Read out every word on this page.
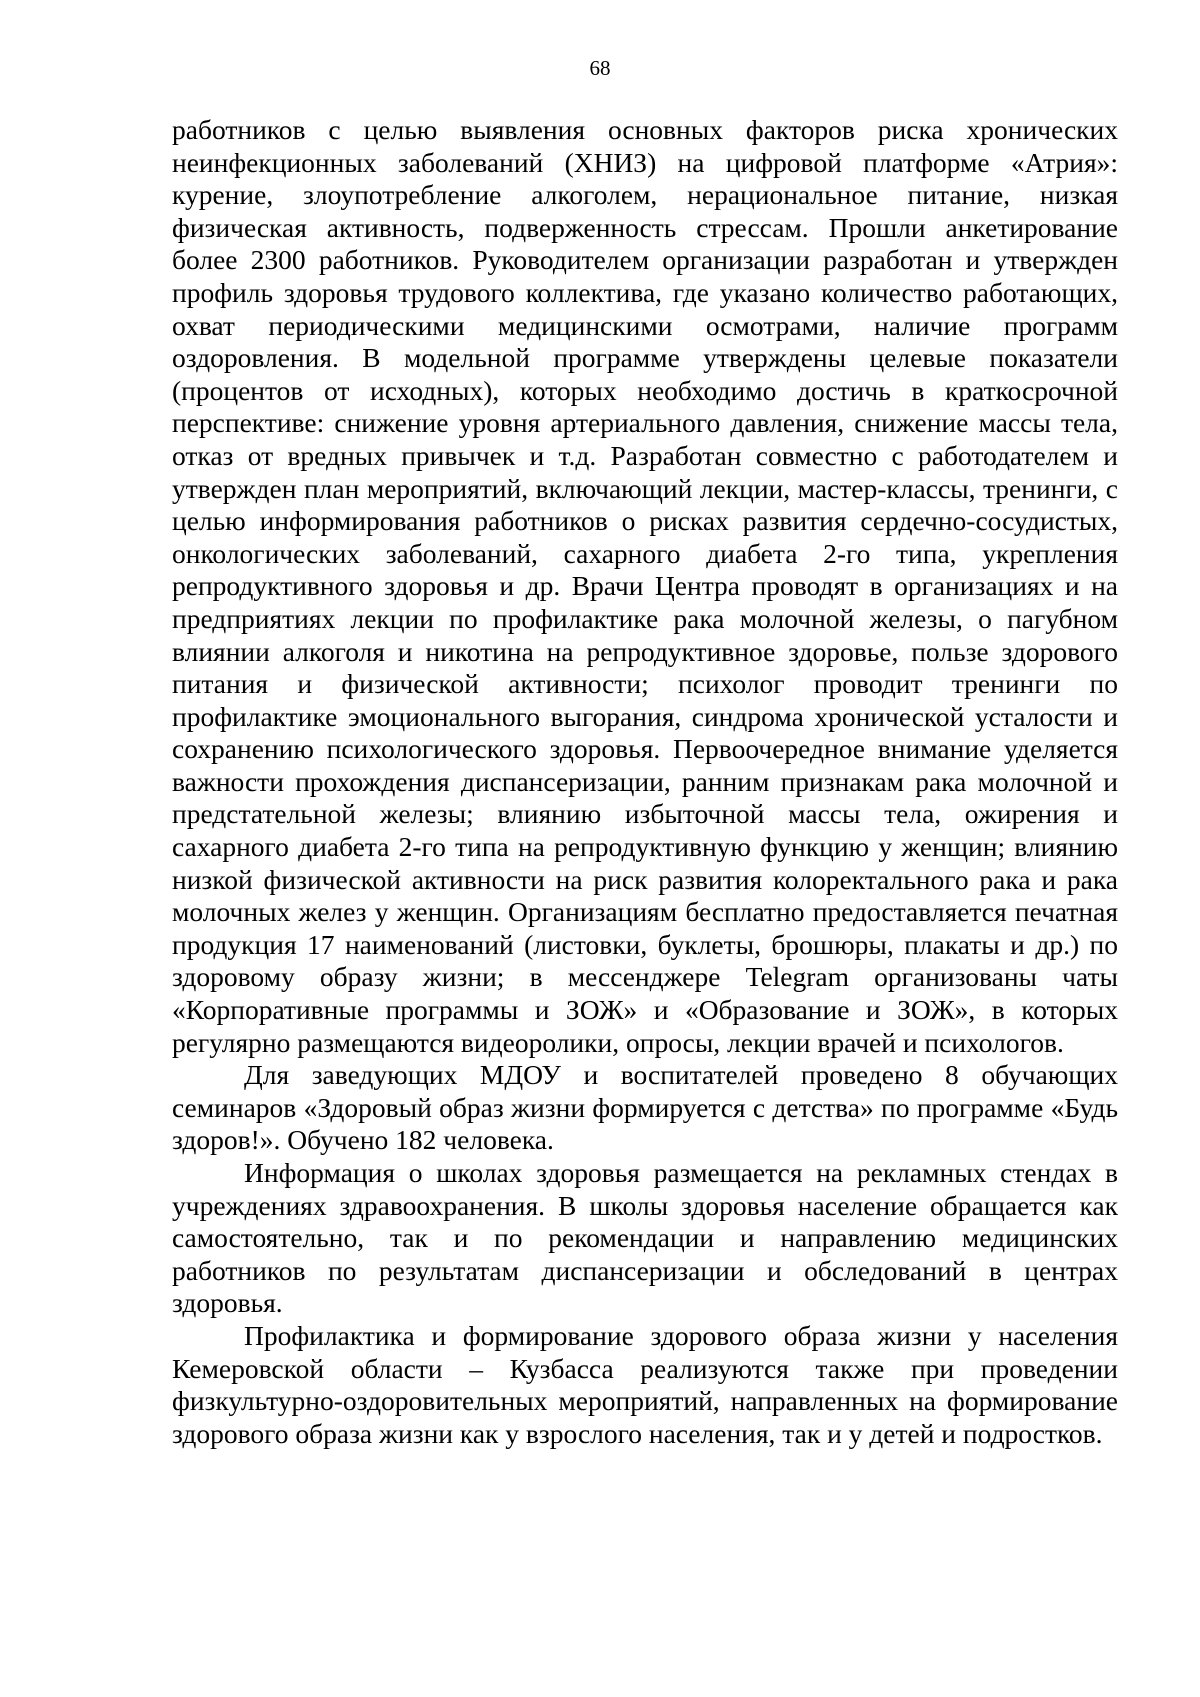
68

работников с целью выявления основных факторов риска хронических неинфекционных заболеваний (ХНИЗ) на цифровой платформе «Атрия»: курение, злоупотребление алкоголем, нерациональное питание, низкая физическая активность, подверженность стрессам. Прошли анкетирование более 2300 работников. Руководителем организации разработан и утвержден профиль здоровья трудового коллектива, где указано количество работающих, охват периодическими медицинскими осмотрами, наличие программ оздоровления. В модельной программе утверждены целевые показатели (процентов от исходных), которых необходимо достичь в краткосрочной перспективе: снижение уровня артериального давления, снижение массы тела, отказ от вредных привычек и т.д. Разработан совместно с работодателем и утвержден план мероприятий, включающий лекции, мастер-классы, тренинги, с целью информирования работников о рисках развития сердечно-сосудистых, онкологических заболеваний, сахарного диабета 2-го типа, укрепления репродуктивного здоровья и др. Врачи Центра проводят в организациях и на предприятиях лекции по профилактике рака молочной железы, о пагубном влиянии алкоголя и никотина на репродуктивное здоровье, пользе здорового питания и физической активности; психолог проводит тренинги по профилактике эмоционального выгорания, синдрома хронической усталости и сохранению психологического здоровья. Первоочередное внимание уделяется важности прохождения диспансеризации, ранним признакам рака молочной и предстательной железы; влиянию избыточной массы тела, ожирения и сахарного диабета 2-го типа на репродуктивную функцию у женщин; влиянию низкой физической активности на риск развития колоректального рака и рака молочных желез у женщин. Организациям бесплатно предоставляется печатная продукция 17 наименований (листовки, буклеты, брошюры, плакаты и др.) по здоровому образу жизни; в мессенджере Telegram организованы чаты «Корпоративные программы и ЗОЖ» и «Образование и ЗОЖ», в которых регулярно размещаются видеоролики, опросы, лекции врачей и психологов.

Для заведующих МДОУ и воспитателей проведено 8 обучающих семинаров «Здоровый образ жизни формируется с детства» по программе «Будь здоров!». Обучено 182 человека.

Информация о школах здоровья размещается на рекламных стендах в учреждениях здравоохранения. В школы здоровья население обращается как самостоятельно, так и по рекомендации и направлению медицинских работников по результатам диспансеризации и обследований в центрах здоровья.

Профилактика и формирование здорового образа жизни у населения Кемеровской области – Кузбасса реализуются также при проведении физкультурно-оздоровительных мероприятий, направленных на формирование здорового образа жизни как у взрослого населения, так и у детей и подростков.
